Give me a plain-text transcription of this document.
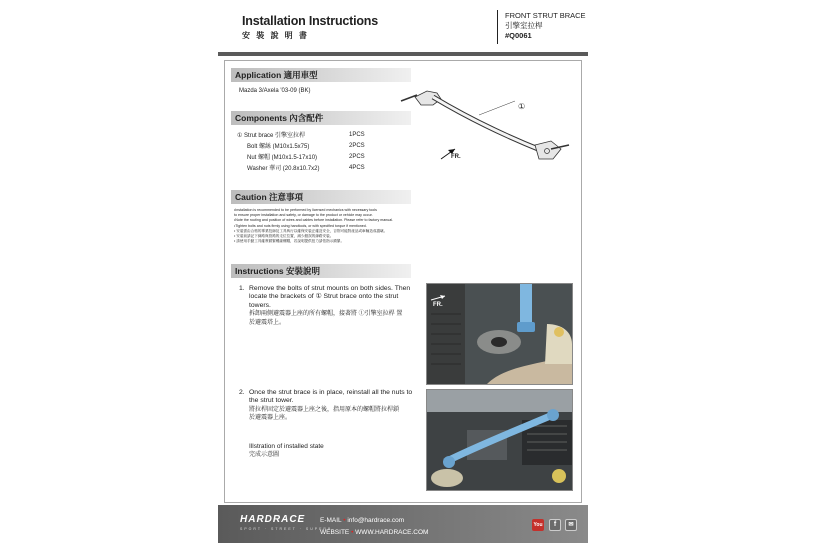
Installation Instructions
安 裝 說 明 書
FRONT STRUT BRACE
引擎室拉桿
#Q0061
Application 適用車型
Mazda 3/Axela '03-09 (BK)
Components 內含配件
① Strut brace 引擎室拉桿	1PCS
Bolt 螺絲 (M10x1.5x75)	2PCS
Nut 螺帽 (M10x1.5-17x10)	2PCS
Washer 華司 (20.8x10.7x2)	4PCS
①
FR.
Caution 注意事項
•Installation is recommended to be performed by licensed mechanics with necessary tools
to ensure proper installation and safety, or damage to the product or vehicle may occur.
•Note the routing and position of wires and cables before installation. Please refer to factory manual.
•Tighten bolts and nuts firmly using handtools, or with specified torque if mentioned.
• 安裝需由合格的專業技師及工具執行以確保安裝正確及安全，否則可能對產品或車輛造成損壞。
• 安裝前請記下線路與管路的走位位置，減少錯誤的線路安裝。
• 請使用手動工具確實鎖緊螺絲螺帽，若說明提供扭力請依指示鎖緊。
Instructions 安裝說明
1. Remove the bolts of strut mounts on both sides. Then
locate the brackets of ① Strut brace onto the strut
towers.
拆卸兩側避震器上座的所有螺帽，接著將 ①引擎室拉桿 置
於避震塔上。
2. Once the strut brace is in place, reinstall all the nuts to
the strut tower.
將拉桿固定於避震器上座之後，指用原本的螺帽將拉桿鎖
於避震器上座。
Illstration of installed state
完成示意圖
FR.
HARDRACE
SPORT · STREET · SUPERB
E-MAIL • info@hardrace.com
WEBSITE • WWW.HARDRACE.COM
You	f	✉
